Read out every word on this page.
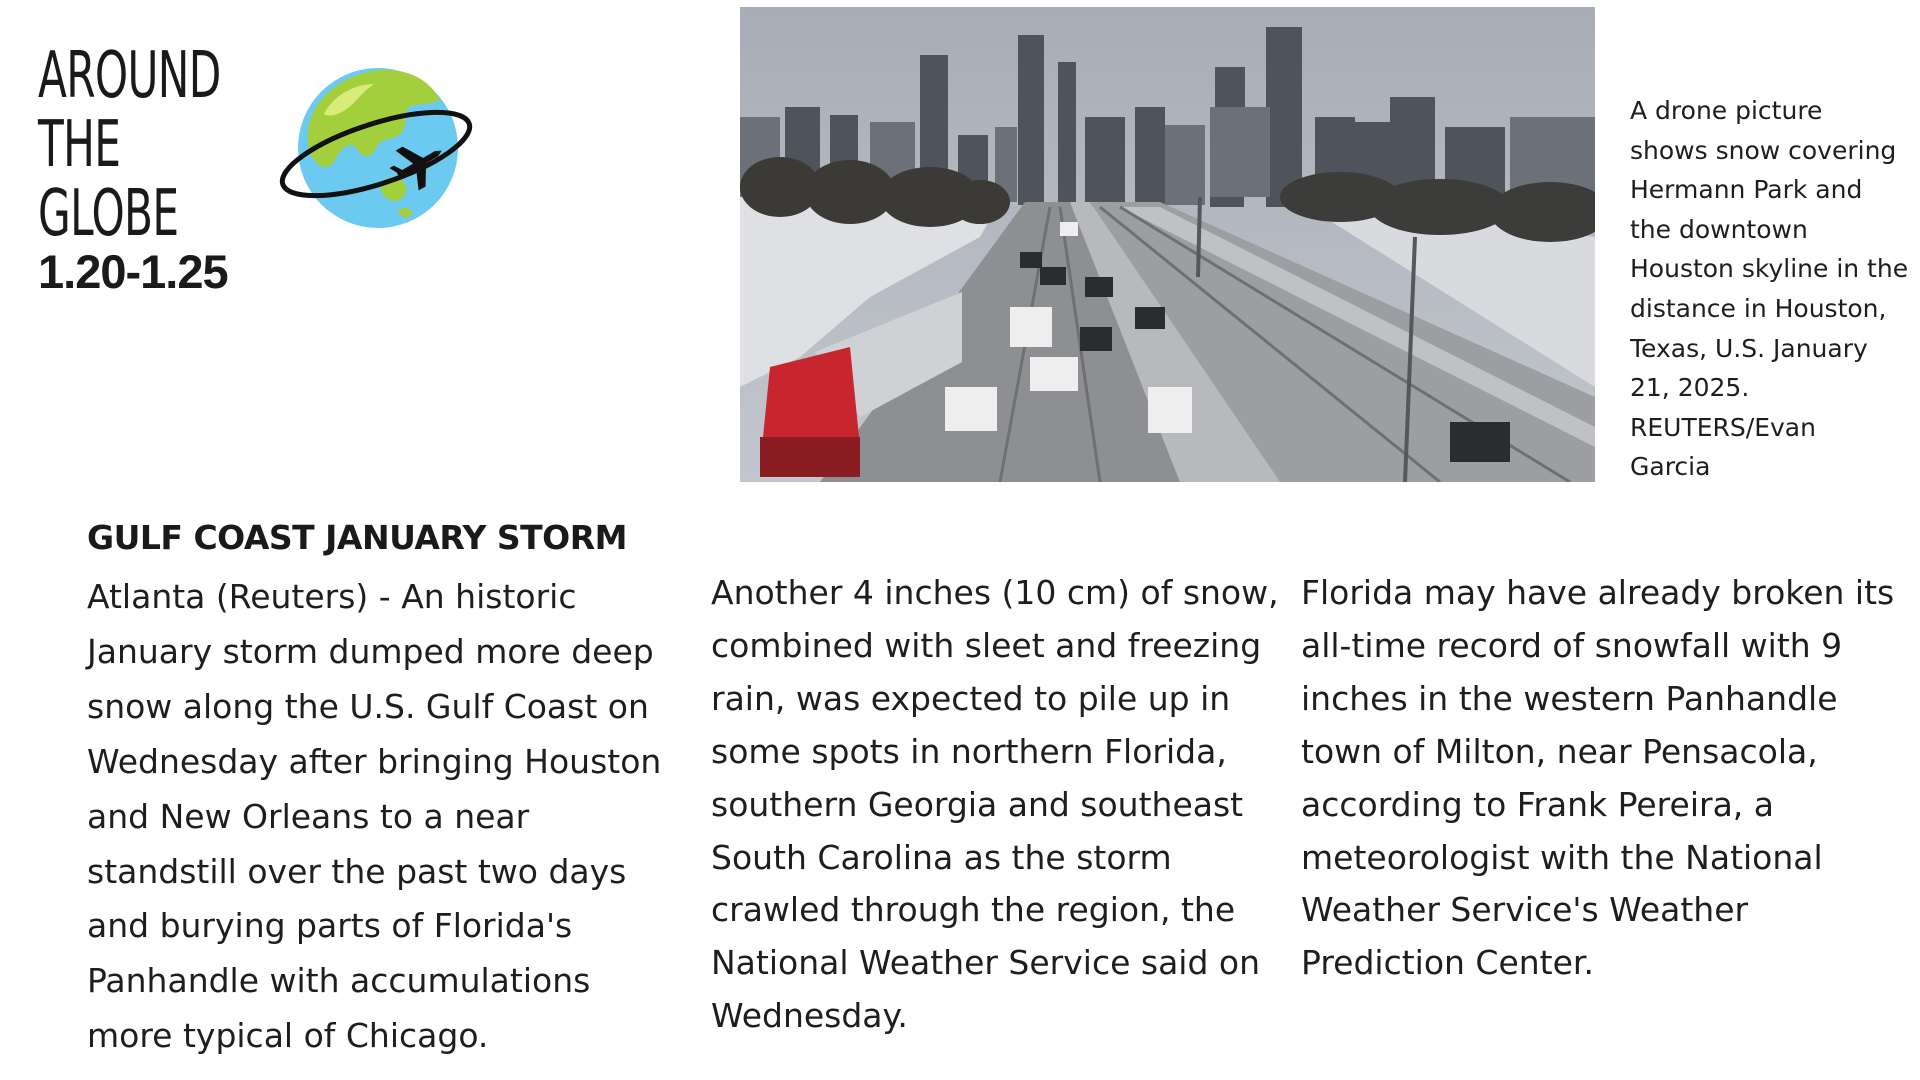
AROUND
THE
GLOBE
1.20-1.25
A drone picture
shows snow covering
Hermann Park and
the downtown
Houston skyline in the
distance in Houston,
Texas, U.S. January
21, 2025.
REUTERS/Evan
Garcia
GULF COAST JANUARY STORM

Atlanta (Reuters) - An historic
January storm dumped more deep
snow along the U.S. Gulf Coast on
Wednesday after bringing Houston
and New Orleans to a near
standstill over the past two days
and burying parts of Florida's
Panhandle with accumulations
more typical of Chicago.

Another 4 inches (10 cm) of snow,
combined with sleet and freezing
rain, was expected to pile up in
some spots in northern Florida,
southern Georgia and southeast
South Carolina as the storm
crawled through the region, the
National Weather Service said on
Wednesday.

Florida may have already broken its
all-time record of snowfall with 9
inches in the western Panhandle
town of Milton, near Pensacola,
according to Frank Pereira, a
meteorologist with the National
Weather Service's Weather
Prediction Center.
